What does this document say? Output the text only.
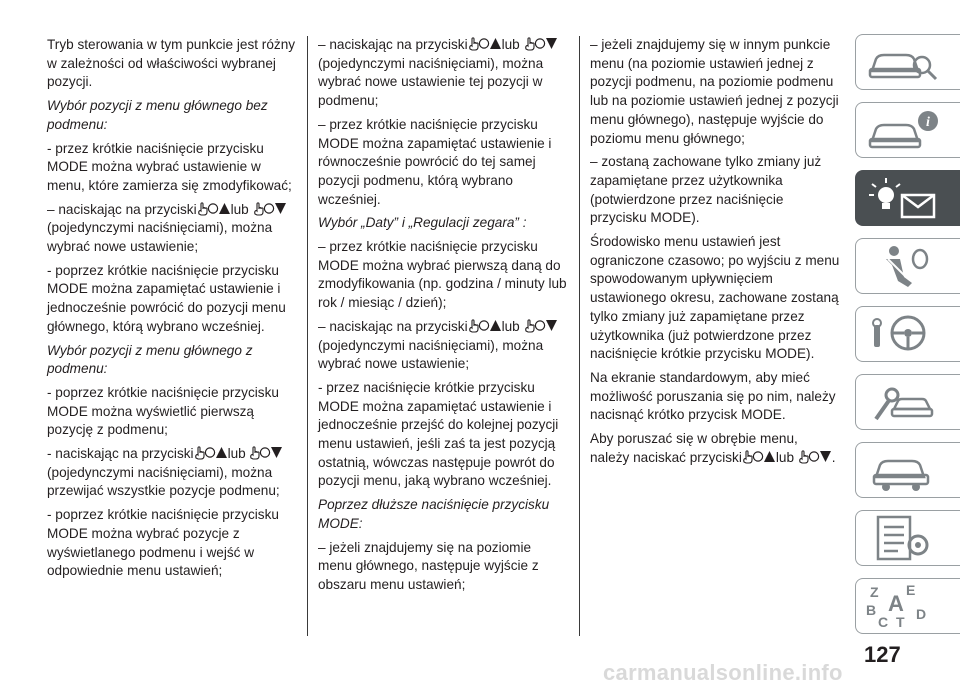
Tryb sterowania w tym punkcie jest różny w zależności od właściwości wybranej pozycji.

Wybór pozycji z menu głównego bez podmenu:

- przez krótkie naciśnięcie przycisku MODE można wybrać ustawienie w menu, które zamierza się zmodyfikować;

– naciskając na przyciski	lub
(pojedynczymi naciśnięciami), można wybrać nowe ustawienie;

- poprzez krótkie naciśnięcie przycisku MODE można zapamiętać ustawienie i jednocześnie powrócić do pozycji menu głównego, którą wybrano wcześniej.

Wybór pozycji z menu głównego z podmenu:

- poprzez krótkie naciśnięcie przycisku MODE można wyświetlić pierwszą pozycję z podmenu;

- naciskając na przyciski	lub
(pojedynczymi naciśnięciami), można przewijać wszystkie pozycje podmenu;

- poprzez krótkie naciśnięcie przycisku MODE można wybrać pozycje z wyświetlanego podmenu i wejść w odpowiednie menu ustawień;

– naciskając na przyciski	lub
(pojedynczymi naciśnięciami), można wybrać nowe ustawienie tej pozycji w podmenu;

– przez krótkie naciśnięcie przycisku MODE można zapamiętać ustawienie i równocześnie powrócić do tej samej pozycji podmenu, którą wybrano wcześniej.

Wybór „Daty” i „Regulacji zegara” :

– przez krótkie naciśnięcie przycisku MODE można wybrać pierwszą daną do zmodyfikowania (np. godzina / minuty lub rok / miesiąc / dzień);

– naciskając na przyciski	lub
(pojedynczymi naciśnięciami), można wybrać nowe ustawienie;

- przez naciśnięcie krótkie przycisku MODE można zapamiętać ustawienie i jednocześnie przejść do kolejnej pozycji menu ustawień, jeśli zaś ta jest pozycją ostatnią, wówczas następuje powrót do pozycji menu, jaką wybrano wcześniej.

Poprzez dłuższe naciśnięcie przycisku MODE:

– jeżeli znajdujemy się na poziomie menu głównego, następuje wyjście z obszaru menu ustawień;

– jeżeli znajdujemy się w innym punkcie menu (na poziomie ustawień jednej z pozycji podmenu, na poziomie podmenu lub na poziomie ustawień jednej z pozycji menu głównego), następuje wyjście do poziomu menu głównego;

– zostaną zachowane tylko zmiany już zapamiętane przez użytkownika (potwierdzone przez naciśnięcie przycisku MODE).

Środowisko menu ustawień jest ograniczone czasowo; po wyjściu z menu spowodowanym upływnięciem ustawionego okresu, zachowane zostaną tylko zmiany już zapamiętane przez użytkownika (już potwierdzone przez naciśnięcie krótkie przycisku MODE).

Na ekranie standardowym, aby mieć możliwość poruszania się po nim, należy nacisnąć krótko przycisk MODE.

Aby poruszać się w obrębie menu, należy naciskać przyciski	lub	.

i
Z E
B A D
C T
127
carmanualsonline.info
